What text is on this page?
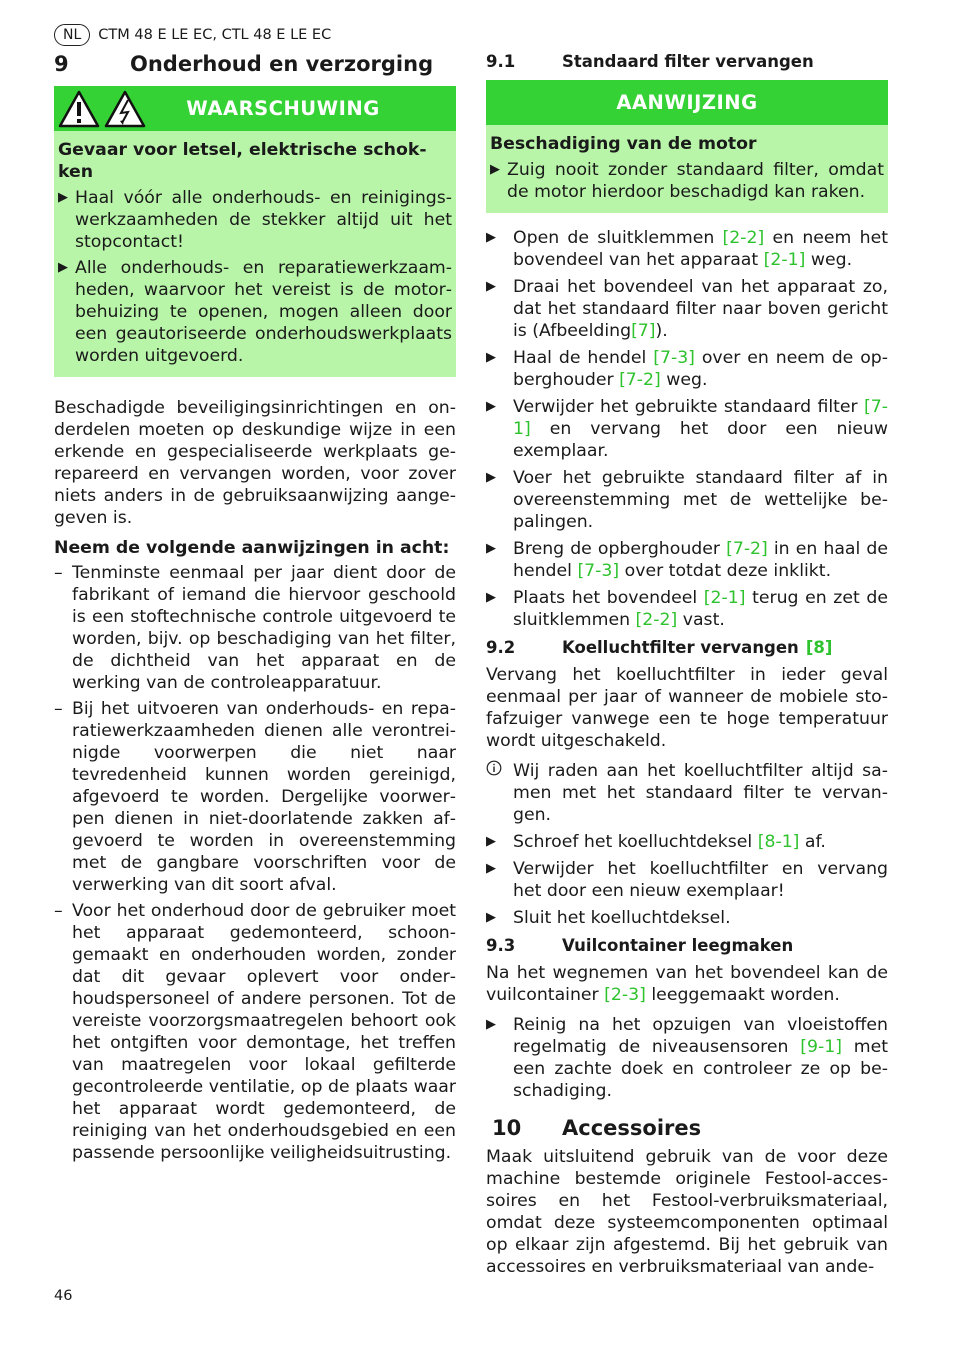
NL	CTM 48 E LE EC, CTL 48 E LE EC
9	Onderhoud en verzorging
WAARSCHUWING
Gevaar voor letsel, elektrische schokken
▶ Haal vóór alle onderhouds- en reinigingswerkzaamheden de stekker altijd uit het stopcontact!
▶ Alle onderhouds- en reparatiewerkzaamheden, waarvoor het vereist is de motorbehuizing te openen, mogen alleen door een geautoriseerde onderhoudswerkplaats worden uitgevoerd.

Beschadigde beveiligingsinrichtingen en onderdelen moeten op deskundige wijze in een erkende en gespecialiseerde werkplaats gerepareerd en vervangen worden, voor zover niets anders in de gebruiksaanwijzing aangegeven is.

Neem de volgende aanwijzingen in acht:
– Tenminste eenmaal per jaar dient door de fabrikant of iemand die hiervoor geschoold is een stoftechnische controle uitgevoerd te worden, bijv. op beschadiging van het filter, de dichtheid van het apparaat en de werking van de controleapparatuur.
– Bij het uitvoeren van onderhouds- en reparatiewerkzaamheden dienen alle verontreinigde voorwerpen die niet naar tevredenheid kunnen worden gereinigd, afgevoerd te worden. Dergelijke voorwerpen dienen in niet-doorlatende zakken afgevoerd te worden in overeenstemming met de gangbare voorschriften voor de verwerking van dit soort afval.
– Voor het onderhoud door de gebruiker moet het apparaat gedemonteerd, schoongemaakt en onderhouden worden, zonder dat dit gevaar oplevert voor onderhoudspersoneel of andere personen. Tot de vereiste voorzorgsmaatregelen behoort ook het ontgiften voor demontage, het treffen van maatregelen voor lokaal gefilterde gecontroleerde ventilatie, op de plaats waar het apparaat wordt gedemonteerd, de reiniging van het onderhoudsgebied en een passende persoonlijke veiligheidsuitrusting.
9.1	Standaard filter vervangen
AANWIJZING
Beschadiging van de motor
▶ Zuig nooit zonder standaard filter, omdat de motor hierdoor beschadigd kan raken.
▶ Open de sluitklemmen [2-2] en neem het bovendeel van het apparaat [2-1] weg.
▶ Draai het bovendeel van het apparaat zo, dat het standaard filter naar boven gericht is (Afbeelding[7]).
▶ Haal de hendel [7-3] over en neem de opberghouder [7-2] weg.
▶ Verwijder het gebruikte standaard filter [7-1] en vervang het door een nieuw exemplaar.
▶ Voer het gebruikte standaard filter af in overeenstemming met de wettelijke bepalingen.
▶ Breng de opberghouder [7-2] in en haal de hendel [7-3] over totdat deze inklikt.
▶ Plaats het bovendeel [2-1] terug en zet de sluitklemmen [2-2] vast.
9.2	Koelluchtfilter vervangen [8]

Vervang het koelluchtfilter in ieder geval eenmaal per jaar of wanneer de mobiele stofafzuiger vanwege een te hoge temperatuur wordt uitgeschakeld.

Wij raden aan het koelluchtfilter altijd samen met het standaard filter te vervangen.
▶ Schroef het koelluchtdeksel [8-1] af.
▶ Verwijder het koelluchtfilter en vervang het door een nieuw exemplaar!
▶ Sluit het koelluchtdeksel.
9.3	Vuilcontainer leegmaken

Na het wegnemen van het bovendeel kan de vuilcontainer [2-3] leeggemaakt worden.

▶ Reinig na het opzuigen van vloeistoffen regelmatig de niveausensoren [9-1] met een zachte doek en controleer ze op beschadiging.
10	Accessoires

Maak uitsluitend gebruik van de voor deze machine bestemde originele Festool-accessoires en het Festool-verbruiksmateriaal, omdat deze systeemcomponenten optimaal op elkaar zijn afgestemd. Bij het gebruik van accessoires en verbruiksmateriaal van ande-

46
